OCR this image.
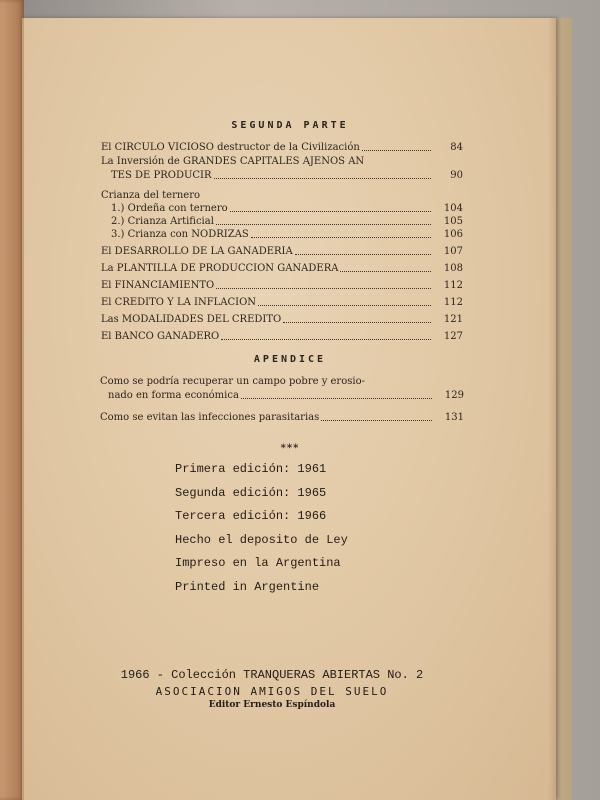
SEGUNDA PARTE
El CIRCULO VICIOSO destructor de la Civilización	84
La Inversión de GRANDES CAPITALES AJENOS AN
TES DE PRODUCIR	90
Crianza del ternero
1.) Ordeña con ternero	104
2.) Crianza Artificial	105
3.) Crianza con NODRIZAS	106
El DESARROLLO DE LA GANADERIA	107
La PLANTILLA DE PRODUCCION GANADERA	108
El FINANCIAMIENTO	112
El CREDITO Y LA INFLACION	112
Las MODALIDADES DEL CREDITO	121
El BANCO GANADERO	127
APENDICE
Como se podría recuperar un campo pobre y erosio-
nado en forma económica	129
Como se evitan las infecciones parasitarias	131
***
Primera edición: 1961
Segunda edición: 1965
Tercera edición: 1966
Hecho el deposito de Ley
Impreso en la Argentina
Printed in Argentine
1966 - Colección TRANQUERAS ABIERTAS No. 2
ASOCIACION AMIGOS DEL SUELO
Editor Ernesto Espíndola
